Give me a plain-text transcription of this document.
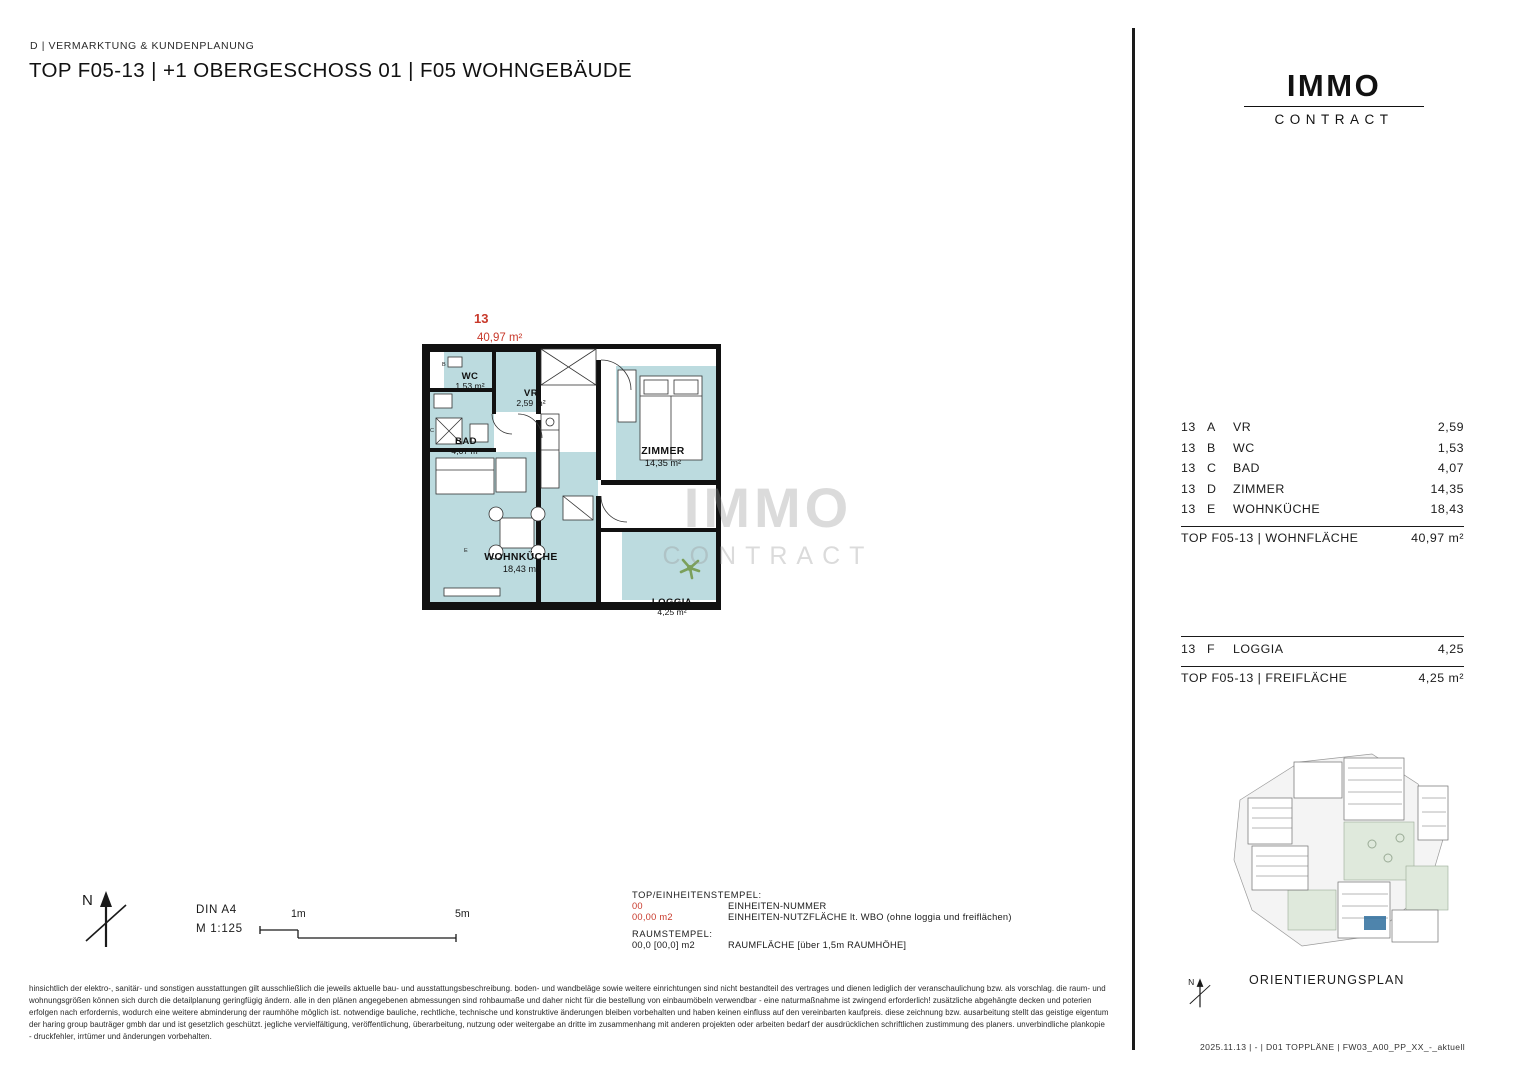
D | VERMARKTUNG & KUNDENPLANUNG
TOP F05-13 | +1 OBERGESCHOSS 01 | F05 WOHNGEBÄUDE	IMMO
CONTRACT
13
40,97 m²
IMMO
CONTRACT
WC
1,53 m²
B
VR
2,59 m²
BAD
4,07 m²
C
ZIMMER
14,35 m²
WOHNKÜCHE
18,43 m²
E
LOGGIA
4,25 m²
13 A	VR	2,59
13 B	WC	1,53
13 C	BAD	4,07
13 D	ZIMMER	14,35
13 E	WOHNKÜCHE	18,43
TOP F05-13 | WOHNFLÄCHE	40,97 m²
13 F	LOGGIA	4,25
TOP F05-13 | FREIFLÄCHE	4,25 m²
N	ORIENTIERUNGSPLAN
2025.11.13 | - | D01 TOPPLÄNE | FW03_A00_PP_XX_-_aktuell
N
DIN A4
M 1:125
1m	5m
TOP/EINHEITENSTEMPEL:
00	EINHEITEN-NUMMER
00,00 m2	EINHEITEN-NUTZFLÄCHE lt. WBO (ohne loggia und freiflächen)
RAUMSTEMPEL:
00,0 [00,0] m2	RAUMFLÄCHE [über 1,5m RAUMHÖHE]
hinsichtlich der elektro-, sanitär- und sonstigen ausstattungen gilt ausschließlich die jeweils aktuelle bau- und ausstattungsbeschreibung. boden- und wandbeläge sowie weitere einrichtungen sind nicht bestandteil des vertrages und dienen lediglich der veranschaulichung bzw. als vorschlag. die raum- und wohnungsgrößen können sich durch die detailplanung geringfügig ändern. alle in den plänen angegebenen abmessungen sind rohbaumaße und daher nicht für die bestellung von einbaumöbeln verwendbar - eine naturmaßnahme ist zwingend erforderlich! zusätzliche abgehängte decken und poterien erfolgen nach erfordernis, wodurch eine weitere abminderung der raumhöhe möglich ist. notwendige bauliche, rechtliche, technische und konstruktive änderungen bleiben vorbehalten und haben keinen einfluss auf den vereinbarten kaufpreis. diese zeichnung bzw. ausarbeitung stellt das geistige eigentum der haring group bauträger gmbh dar und ist gesetzlich geschützt. jegliche vervielfältigung, veröffentlichung, überarbeitung, nutzung oder weitergabe an dritte im zusammenhang mit anderen projekten oder arbeiten bedarf der ausdrücklichen schriftlichen zustimmung des planers. unverbindliche plankopie - druckfehler, irrtümer und änderungen vorbehalten.
